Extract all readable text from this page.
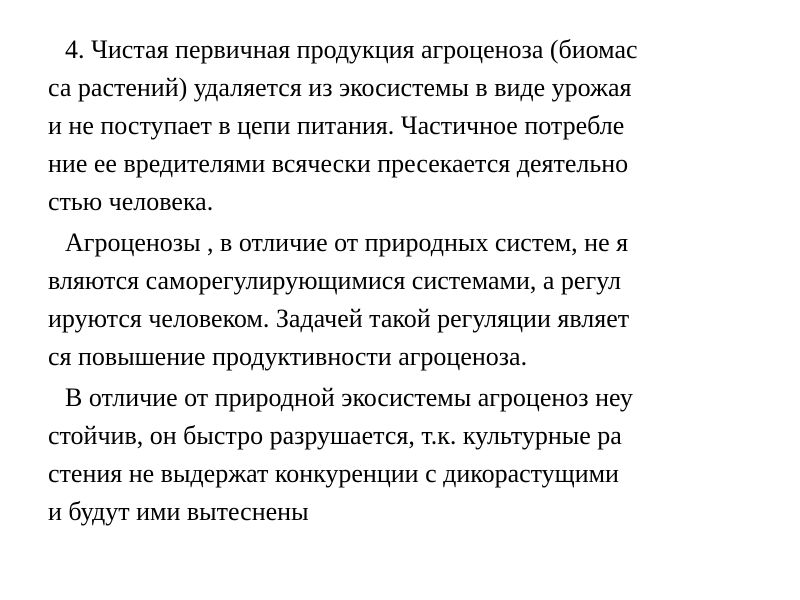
4. Чистая первичная продукция агроценоза (биомас
са растений) удаляется из экосистемы в виде урожая
и не поступает в цепи питания. Частичное потребле
ние ее вредителями всячески пресекается деятельно
стью человека.

Агроценозы , в отличие от природных систем, не я
вляются саморегулирующимися системами, а регул
ируются человеком. Задачей такой регуляции являет
ся повышение продуктивности агроценоза.

В отличие от природной экосистемы агроценоз неу
стойчив, он быстро разрушается, т.к. культурные ра
стения не выдержат конкуренции с дикорастущими
и будут ими вытеснены
